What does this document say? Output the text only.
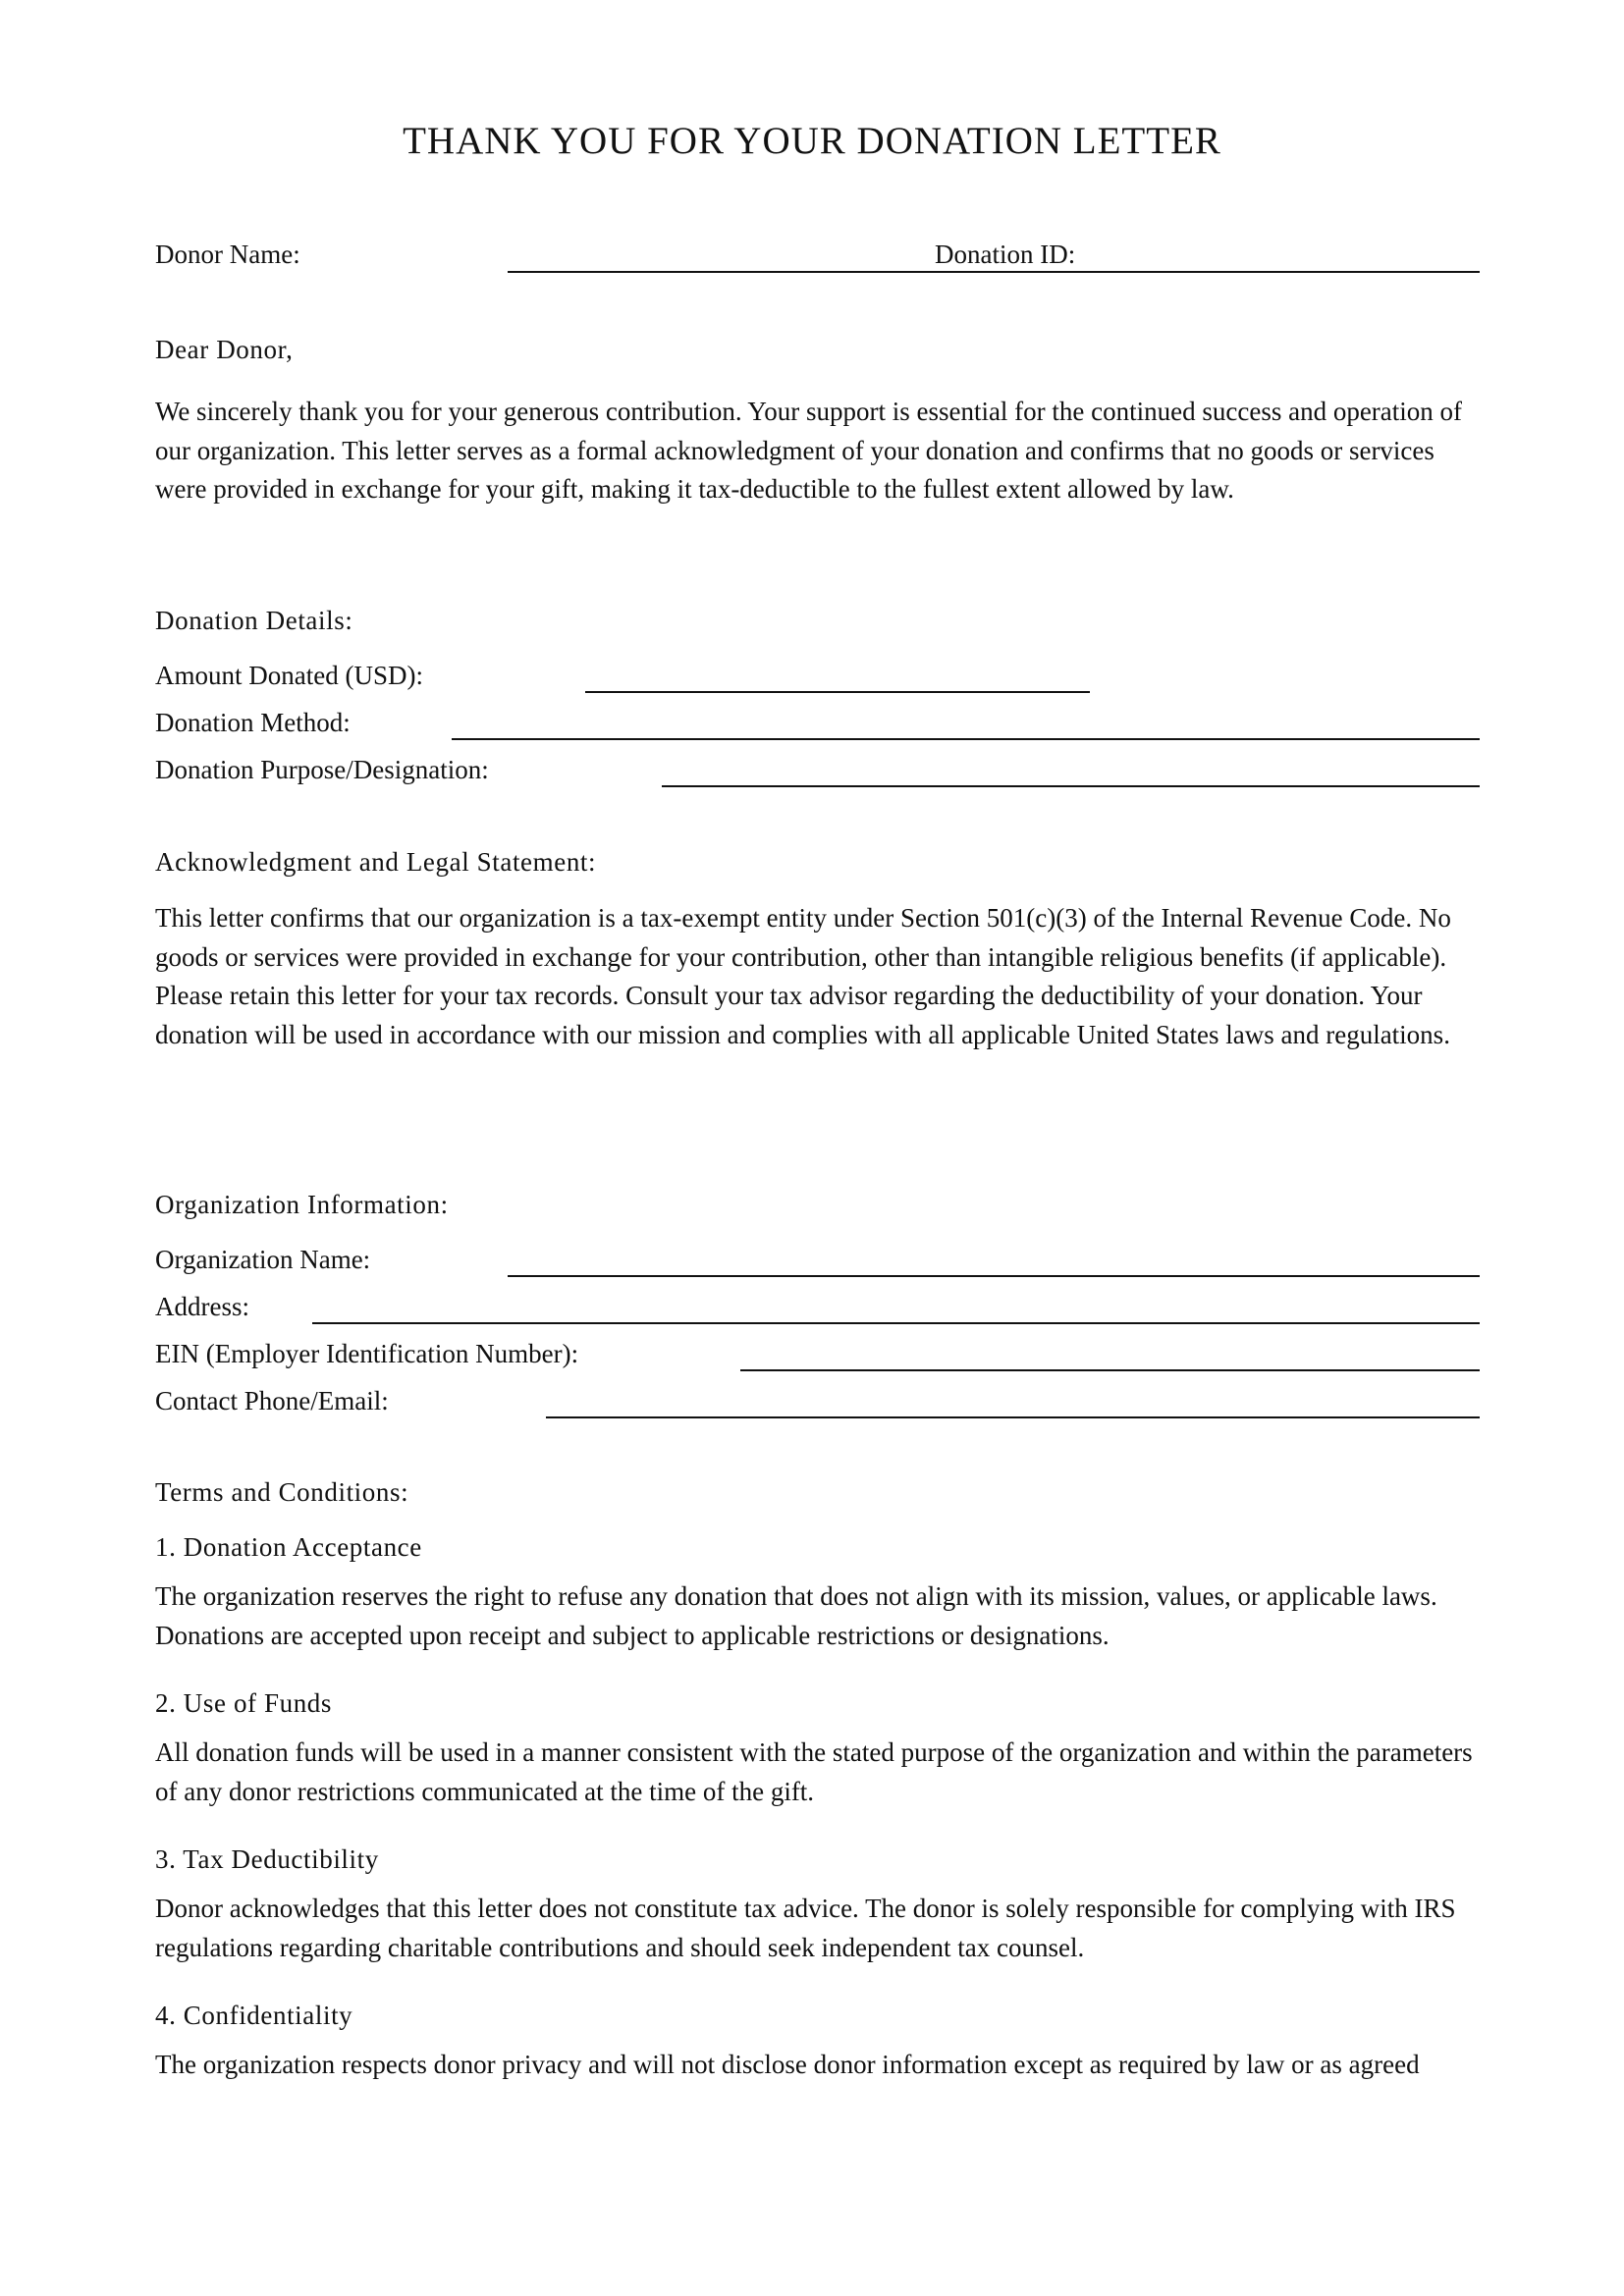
THANK YOU FOR YOUR DONATION LETTER
Donor Name:	Donation ID:
Dear Donor,
We sincerely thank you for your generous contribution. Your support is essential for the continued success and operation of our organization. This letter serves as a formal acknowledgment of your donation and confirms that no goods or services were provided in exchange for your gift, making it tax-deductible to the fullest extent allowed by law.
Donation Details:
Amount Donated (USD):
Donation Method:
Donation Purpose/Designation:
Acknowledgment and Legal Statement:
This letter confirms that our organization is a tax-exempt entity under Section 501(c)(3) of the Internal Revenue Code. No goods or services were provided in exchange for your contribution, other than intangible religious benefits (if applicable). Please retain this letter for your tax records. Consult your tax advisor regarding the deductibility of your donation. Your donation will be used in accordance with our mission and complies with all applicable United States laws and regulations.
Organization Information:
Organization Name:
Address:
EIN (Employer Identification Number):
Contact Phone/Email:
Terms and Conditions:
1. Donation Acceptance
The organization reserves the right to refuse any donation that does not align with its mission, values, or applicable laws. Donations are accepted upon receipt and subject to applicable restrictions or designations.
2. Use of Funds
All donation funds will be used in a manner consistent with the stated purpose of the organization and within the parameters of any donor restrictions communicated at the time of the gift.
3. Tax Deductibility
Donor acknowledges that this letter does not constitute tax advice. The donor is solely responsible for complying with IRS regulations regarding charitable contributions and should seek independent tax counsel.
4. Confidentiality
The organization respects donor privacy and will not disclose donor information except as required by law or as agreed
